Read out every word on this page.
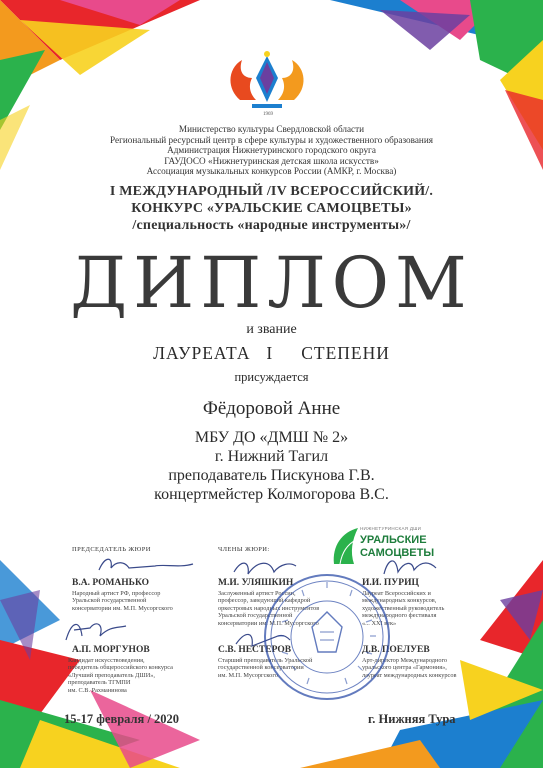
1969
Министерство культуры Свердловской области
Региональный ресурсный центр в сфере культуры и художественного образования
Администрация Нижнетуринского городского округа
ГАУДОСО «Нижнетуринская детская школа искусств»
Ассоциация музыкальных конкурсов России (АМКР, г. Москва)
I МЕЖДУНАРОДНЫЙ /IV ВСЕРОССИЙСКИЙ/.
КОНКУРС «УРАЛЬСКИЕ САМОЦВЕТЫ»
/специальность «народные инструменты»/
ДИПЛОМ
и звание
ЛАУРЕАТА I СТЕПЕНИ
присуждается
Фёдоровой Анне
МБУ ДО «ДМШ № 2»
г. Нижний Тагил
преподаватель Пискунова Г.В.
концертмейстер Колмогорова В.С.
ПРЕДСЕДАТЕЛЬ ЖЮРИ	ЧЛЕНЫ ЖЮРИ:
НИЖНЕТУРИНСКАЯ ДШИ
УРАЛЬСКИЕ
САМОЦВЕТЫ
В.А. РОМАНЬКО
Народный артист РФ, профессор
Уральской государственной
консерватории им. М.П. Мусоргского
М.И. УЛЯШКИН
Заслуженный артист России,
профессор, заведующий кафедрой
оркестровых народных инструментов
Уральской государственной
консерватории им. М.П. Мусоргского
И.И. ПУРИЦ
Лауреат Всероссийских и
международных конкурсов,
художественный руководитель
международного фестиваля
«... XXI век»
А.П. МОРГУНОВ
Кандидат искусствоведения,
победитель общероссийского конкурса
«Лучший преподаватель ДШИ»,
преподаватель ТГМПИ
им. С.В. Рахманинова
С.В. НЕСТЕРОВ
Старший преподаватель Уральской
государственной консерватории
им. М.П. Мусоргского
Д.В. ПОЕЛУЕВ
Арт-директор Международного
уральского центра «Гармония»,
лауреат международных конкурсов
15-17 февраля / 2020	г. Нижняя Тура
